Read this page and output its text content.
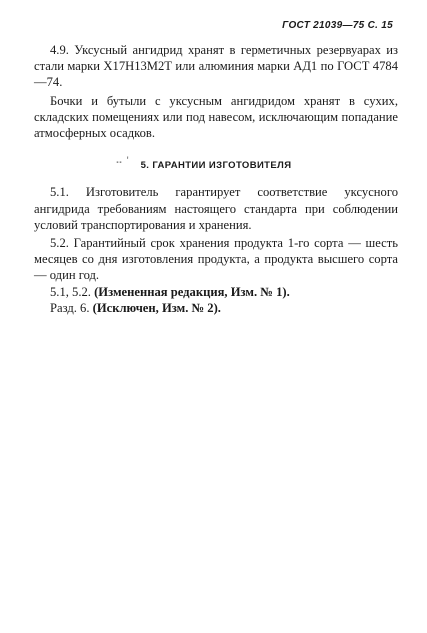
ГОСТ 21039—75 С. 15

4.9. Уксусный ангидрид хранят в герметичных резервуарах из стали марки Х17Н13М2Т или алюминия марки АД1 по ГОСТ 4784—74.

Бочки и бутыли с уксусным ангидридом хранят в сухих, складских помещениях или под навесом, исключающим попадание атмосферных осадков.

‥ ' 5. ГАРАНТИИ ИЗГОТОВИТЕЛЯ

5.1. Изготовитель гарантирует соответствие уксусного ангидрида требованиям настоящего стандарта при соблюдении условий транспортирования и хранения.

5.2. Гарантийный срок хранения продукта 1-го сорта — шесть месяцев со дня изготовления продукта, а продукта высшего сорта — один год.

5.1, 5.2. (Измененная редакция, Изм. № 1).

Разд. 6. (Исключен, Изм. № 2).
